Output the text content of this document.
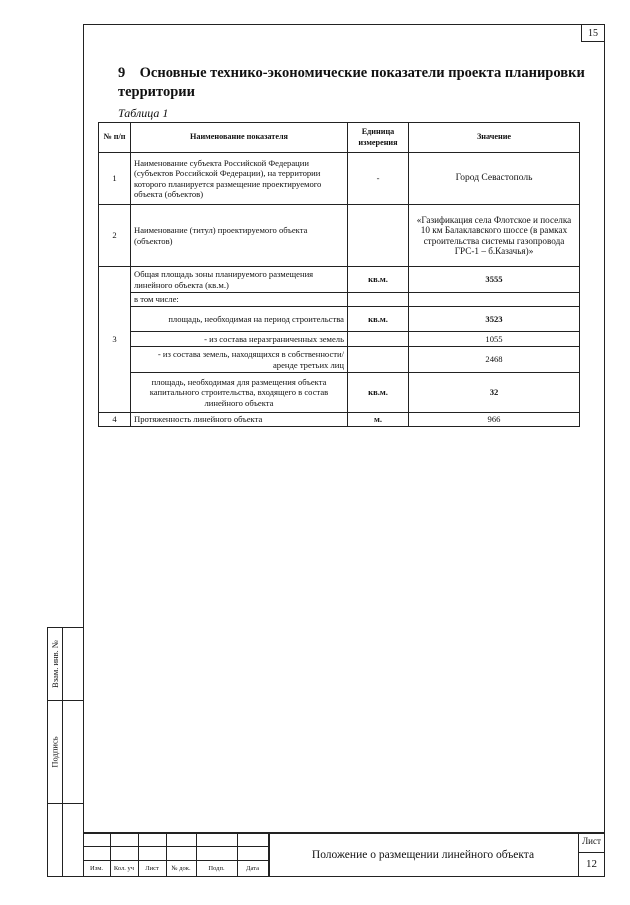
15
9 Основные технико-экономические показатели проекта планировки территории
Таблица 1
№ п/п	Наименование показателя	Единица измерения	Значение
1	Наименование субъекта Российской Федерации (субъектов Российской Федерации), на территории которого планируется размещение проектируемого объекта (объектов)	-	Город Севастополь
2	Наименование (титул) проектируемого объекта (объектов)		«Газификация села Флотское и поселка 10 км Балаклавского шоссе (в рамках строительства системы газопровода ГРС-1 – б.Казачья)»
3	Общая площадь зоны планируемого размещения линейного объекта (кв.м.)	кв.м.	3555
	в том числе:		
	площадь, необходимая на период строительства	кв.м.	3523
	- из состава неразграниченных земель		1055
	- из состава земель, находящихся в собственности/аренде третьих лиц		2468
	площадь, необходимая для размещения объекта капитального строительства, входящего в состав линейного объекта	кв.м.	32
4	Протяженность линейного объекта	м.	966
Взам. инв. №
Подпись
Изм.	Кол. уч	Лист	№ док.	Подп.	Дата
Положение о размещении линейного объекта
Лист
12
